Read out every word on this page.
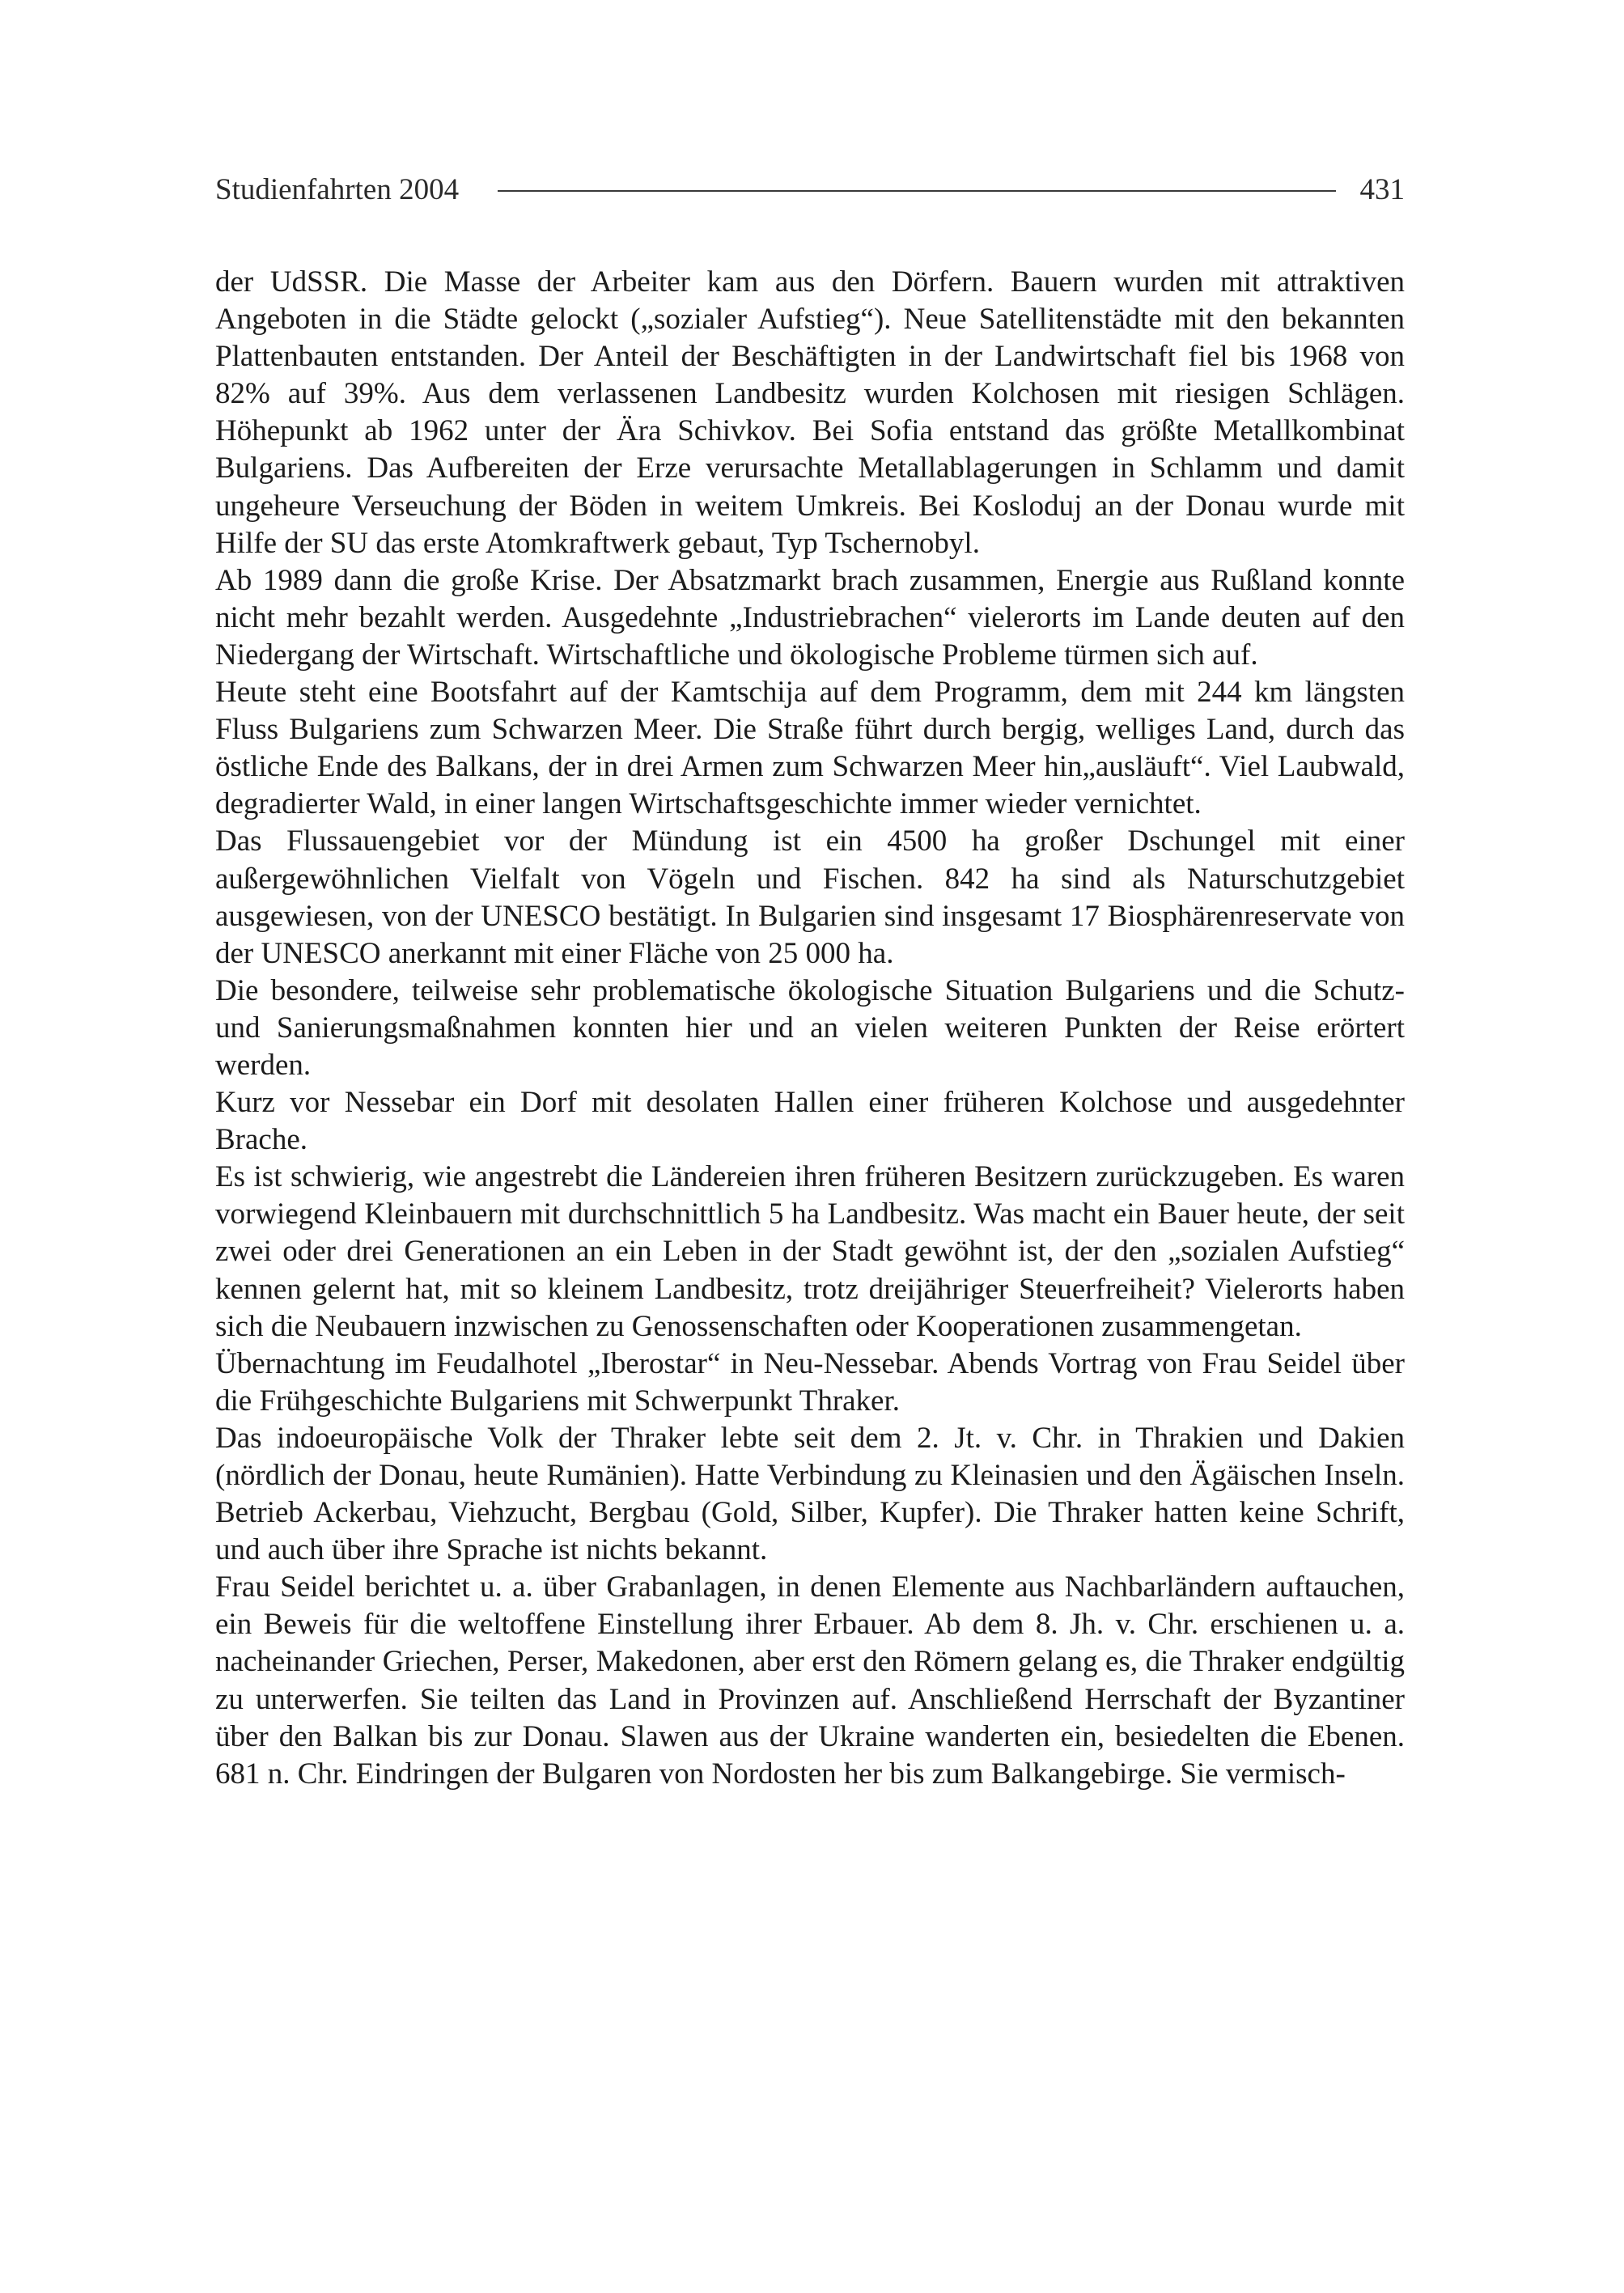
Studienfahrten 2004	431

der UdSSR. Die Masse der Arbeiter kam aus den Dörfern. Bauern wurden mit attraktiven Angeboten in die Städte gelockt („sozialer Aufstieg“). Neue Satellitenstädte mit den bekannten Plattenbauten entstanden. Der Anteil der Beschäftigten in der Landwirtschaft fiel bis 1968 von 82% auf 39%. Aus dem verlassenen Landbesitz wurden Kolchosen mit riesigen Schlägen. Höhepunkt ab 1962 unter der Ära Schivkov. Bei Sofia entstand das größte Metallkombinat Bulgariens. Das Aufbereiten der Erze verursachte Metallablagerungen in Schlamm und damit ungeheure Verseuchung der Böden in weitem Umkreis. Bei Kosloduj an der Donau wurde mit Hilfe der SU das erste Atomkraftwerk gebaut, Typ Tschernobyl.

Ab 1989 dann die große Krise. Der Absatzmarkt brach zusammen, Energie aus Rußland konnte nicht mehr bezahlt werden. Ausgedehnte „Industriebrachen“ vielerorts im Lande deuten auf den Niedergang der Wirtschaft. Wirtschaftliche und ökologische Probleme türmen sich auf.

Heute steht eine Bootsfahrt auf der Kamtschija auf dem Programm, dem mit 244 km längsten Fluss Bulgariens zum Schwarzen Meer. Die Straße führt durch bergig, welliges Land, durch das östliche Ende des Balkans, der in drei Armen zum Schwarzen Meer hin„ausläuft“. Viel Laubwald, degradierter Wald, in einer langen Wirtschaftsgeschichte immer wieder vernichtet.

Das Flussauengebiet vor der Mündung ist ein 4500 ha großer Dschungel mit einer außergewöhnlichen Vielfalt von Vögeln und Fischen. 842 ha sind als Naturschutzgebiet ausgewiesen, von der UNESCO bestätigt. In Bulgarien sind insgesamt 17 Biosphärenreservate von der UNESCO anerkannt mit einer Fläche von 25 000 ha.

Die besondere, teilweise sehr problematische ökologische Situation Bulgariens und die Schutz- und Sanierungsmaßnahmen konnten hier und an vielen weiteren Punkten der Reise erörtert werden.

Kurz vor Nessebar ein Dorf mit desolaten Hallen einer früheren Kolchose und ausgedehnter Brache.

Es ist schwierig, wie angestrebt die Ländereien ihren früheren Besitzern zurückzugeben. Es waren vorwiegend Kleinbauern mit durchschnittlich 5 ha Landbesitz. Was macht ein Bauer heute, der seit zwei oder drei Generationen an ein Leben in der Stadt gewöhnt ist, der den „sozialen Aufstieg“ kennen gelernt hat, mit so kleinem Landbesitz, trotz dreijähriger Steuerfreiheit? Vielerorts haben sich die Neubauern inzwischen zu Genossenschaften oder Kooperationen zusammengetan.

Übernachtung im Feudalhotel „Iberostar“ in Neu-Nessebar. Abends Vortrag von Frau Seidel über die Frühgeschichte Bulgariens mit Schwerpunkt Thraker.

Das indoeuropäische Volk der Thraker lebte seit dem 2. Jt. v. Chr. in Thrakien und Dakien (nördlich der Donau, heute Rumänien). Hatte Verbindung zu Kleinasien und den Ägäischen Inseln. Betrieb Ackerbau, Viehzucht, Bergbau (Gold, Silber, Kupfer). Die Thraker hatten keine Schrift, und auch über ihre Sprache ist nichts bekannt.

Frau Seidel berichtet u. a. über Grabanlagen, in denen Elemente aus Nachbarländern auftauchen, ein Beweis für die weltoffene Einstellung ihrer Erbauer. Ab dem 8. Jh. v. Chr. erschienen u. a. nacheinander Griechen, Perser, Makedonen, aber erst den Römern gelang es, die Thraker endgültig zu unterwerfen. Sie teilten das Land in Provinzen auf. Anschließend Herrschaft der Byzantiner über den Balkan bis zur Donau. Slawen aus der Ukraine wanderten ein, besiedelten die Ebenen. 681 n. Chr. Eindringen der Bulgaren von Nordosten her bis zum Balkangebirge. Sie vermisch-
